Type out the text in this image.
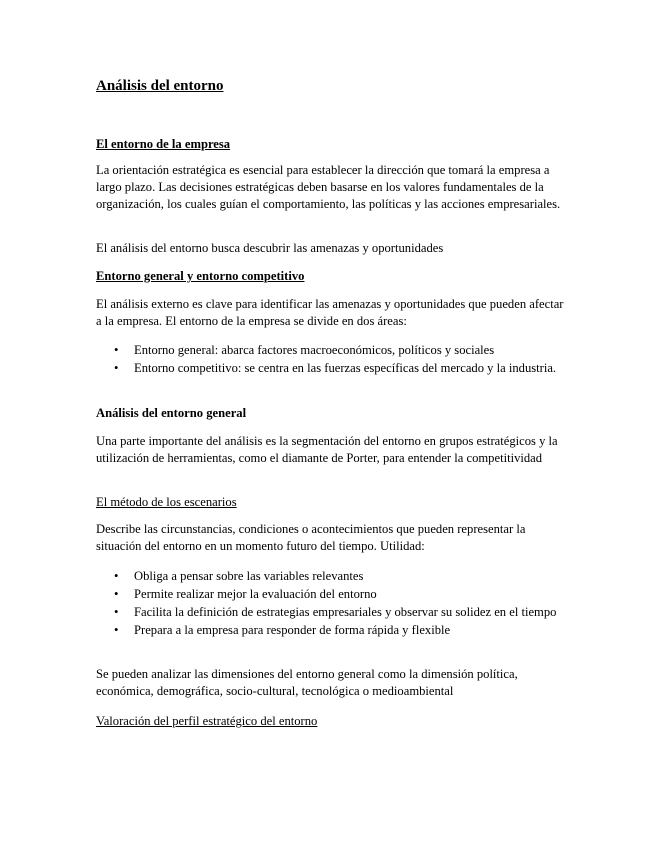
Análisis del entorno

El entorno de la empresa

La orientación estratégica es esencial para establecer la dirección que tomará la empresa a largo plazo. Las decisiones estratégicas deben basarse en los valores fundamentales de la organización, los cuales guían el comportamiento, las políticas y las acciones empresariales.

El análisis del entorno busca descubrir las amenazas y oportunidades

Entorno general y entorno competitivo

El análisis externo es clave para identificar las amenazas y oportunidades que pueden afectar a la empresa. El entorno de la empresa se divide en dos áreas:

• Entorno general: abarca factores macroeconómicos, políticos y sociales
• Entorno competitivo: se centra en las fuerzas específicas del mercado y la industria.

Análisis del entorno general

Una parte importante del análisis es la segmentación del entorno en grupos estratégicos y la utilización de herramientas, como el diamante de Porter, para entender la competitividad

El método de los escenarios

Describe las circunstancias, condiciones o acontecimientos que pueden representar la situación del entorno en un momento futuro del tiempo. Utilidad:

• Obliga a pensar sobre las variables relevantes
• Permite realizar mejor la evaluación del entorno
• Facilita la definición de estrategias empresariales y observar su solidez en el tiempo
• Prepara a la empresa para responder de forma rápida y flexible

Se pueden analizar las dimensiones del entorno general como la dimensión política, económica, demográfica, socio-cultural, tecnológica o medioambiental

Valoración del perfil estratégico del entorno
